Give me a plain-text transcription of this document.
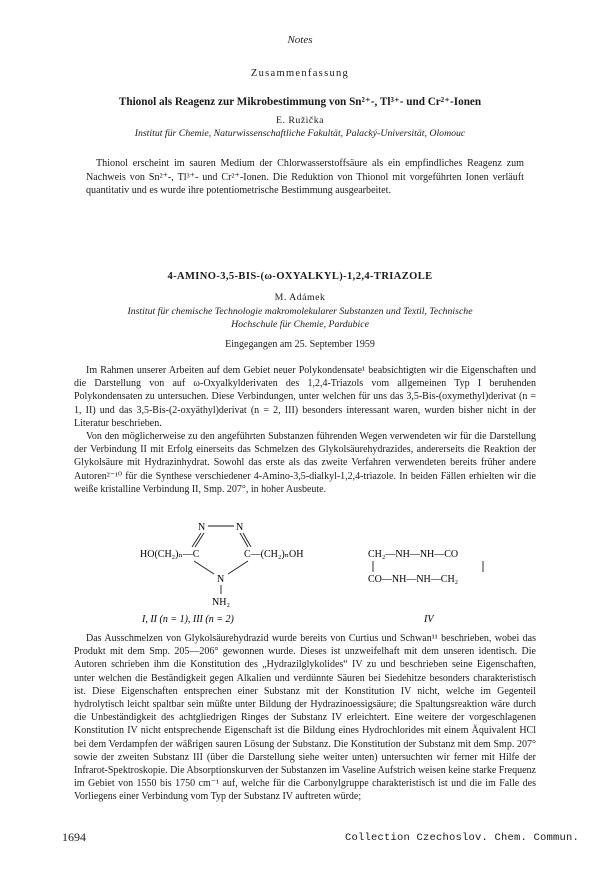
Notes
Zusammenfassung
Thionol als Reagenz zur Mikrobestimmung von Sn²⁺-, Tl³⁺- und Cr²⁺-Ionen
E. Ružička
Institut für Chemie, Naturwissenschaftliche Fakultät, Palacký-Universität, Olomouc
Thionol erscheint im sauren Medium der Chlorwasserstoffsäure als ein empfindliches Reagenz zum Nachweis von Sn²⁺-, Tl³⁺- und Cr²⁺-Ionen. Die Reduktion von Thionol mit vorgeführten Ionen verläuft quantitativ und es wurde ihre potentiometrische Bestimmung ausgearbeitet.
4-AMINO-3,5-BIS-(ω-OXYALKYL)-1,2,4-TRIAZOLE
M. Adámek
Institut für chemische Technologie makromolekularer Substanzen und Textil, Technische Hochschule für Chemie, Pardubice
Eingegangen am 25. September 1959

Im Rahmen unserer Arbeiten auf dem Gebiet neuer Polykondensate¹ beabsichtigten wir die Eigenschaften und die Darstellung von auf ω-Oxyalkylderivaten des 1,2,4-Triazols vom allgemeinen Typ I beruhenden Polykondensaten zu untersuchen. Diese Verbindungen, unter welchen für uns das 3,5-Bis-(oxymethyl)derivat (n = 1, II) und das 3,5-Bis-(2-oxyäthyl)derivat (n = 2, III) besonders interessant waren, wurden bisher nicht in der Literatur beschrieben.

Von den möglicherweise zu den angeführten Substanzen führenden Wegen verwendeten wir für die Darstellung der Verbindung II mit Erfolg einerseits das Schmelzen des Glykolsäurehydrazides, andererseits die Reaktion der Glykolsäure mit Hydrazinhydrat. Sowohl das erste als das zweite Verfahren verwendeten bereits früher andere Autoren²⁻¹⁰ für die Synthese verschiedener 4-Amino-3,5-dialkyl-1,2,4-triazole. In beiden Fällen erhielten wir die weiße kristalline Verbindung II, Smp. 207°, in hoher Ausbeute.

N	N
HO(CH₂)ₙ—C	C—(CH₂)ₙOH
N
NH₂
I, II (n = 1), III (n = 2)
CH₂—NH—NH—CO
CO—NH—NH—CH₂
IV

Das Ausschmelzen von Glykolsäurehydrazid wurde bereits von Curtius und Schwan¹¹ beschrieben, wobei das Produkt mit dem Smp. 205—206° gewonnen wurde. Dieses ist unzweifelhaft mit dem unseren identisch. Die Autoren schrieben ihm die Konstitution des „Hydrazilglykolides“ IV zu und beschrieben seine Eigenschaften, unter welchen die Beständigkeit gegen Alkalien und verdünnte Säuren bei Siedehitze besonders charakteristisch ist. Diese Eigenschaften entsprechen einer Substanz mit der Konstitution IV nicht, welche im Gegenteil hydrolytisch leicht spaltbar sein müßte unter Bildung der Hydrazinoessigsäure; die Spaltungsreaktion wäre durch die Unbeständigkeit des achtgliedrigen Ringes der Substanz IV erleichtert. Eine weitere der vorgeschlagenen Konstitution IV nicht entsprechende Eigenschaft ist die Bildung eines Hydrochlorides mit einem Äquivalent HCl bei dem Verdampfen der wäßrigen sauren Lösung der Substanz. Die Konstitution der Substanz mit dem Smp. 207° sowie der zweiten Substanz III (über die Darstellung siehe weiter unten) untersuchten wir ferner mit Hilfe der Infrarot-Spektroskopie. Die Absorptionskurven der Substanzen im Vaseline Aufstrich weisen keine starke Frequenz im Gebiet von 1550 bis 1750 cm⁻¹ auf, welche für die Carbonylgruppe charakteristisch ist und die im Falle des Vorliegens einer Verbindung vom Typ der Substanz IV auftreten würde;

1694	Collection Czechoslov. Chem. Commun.
